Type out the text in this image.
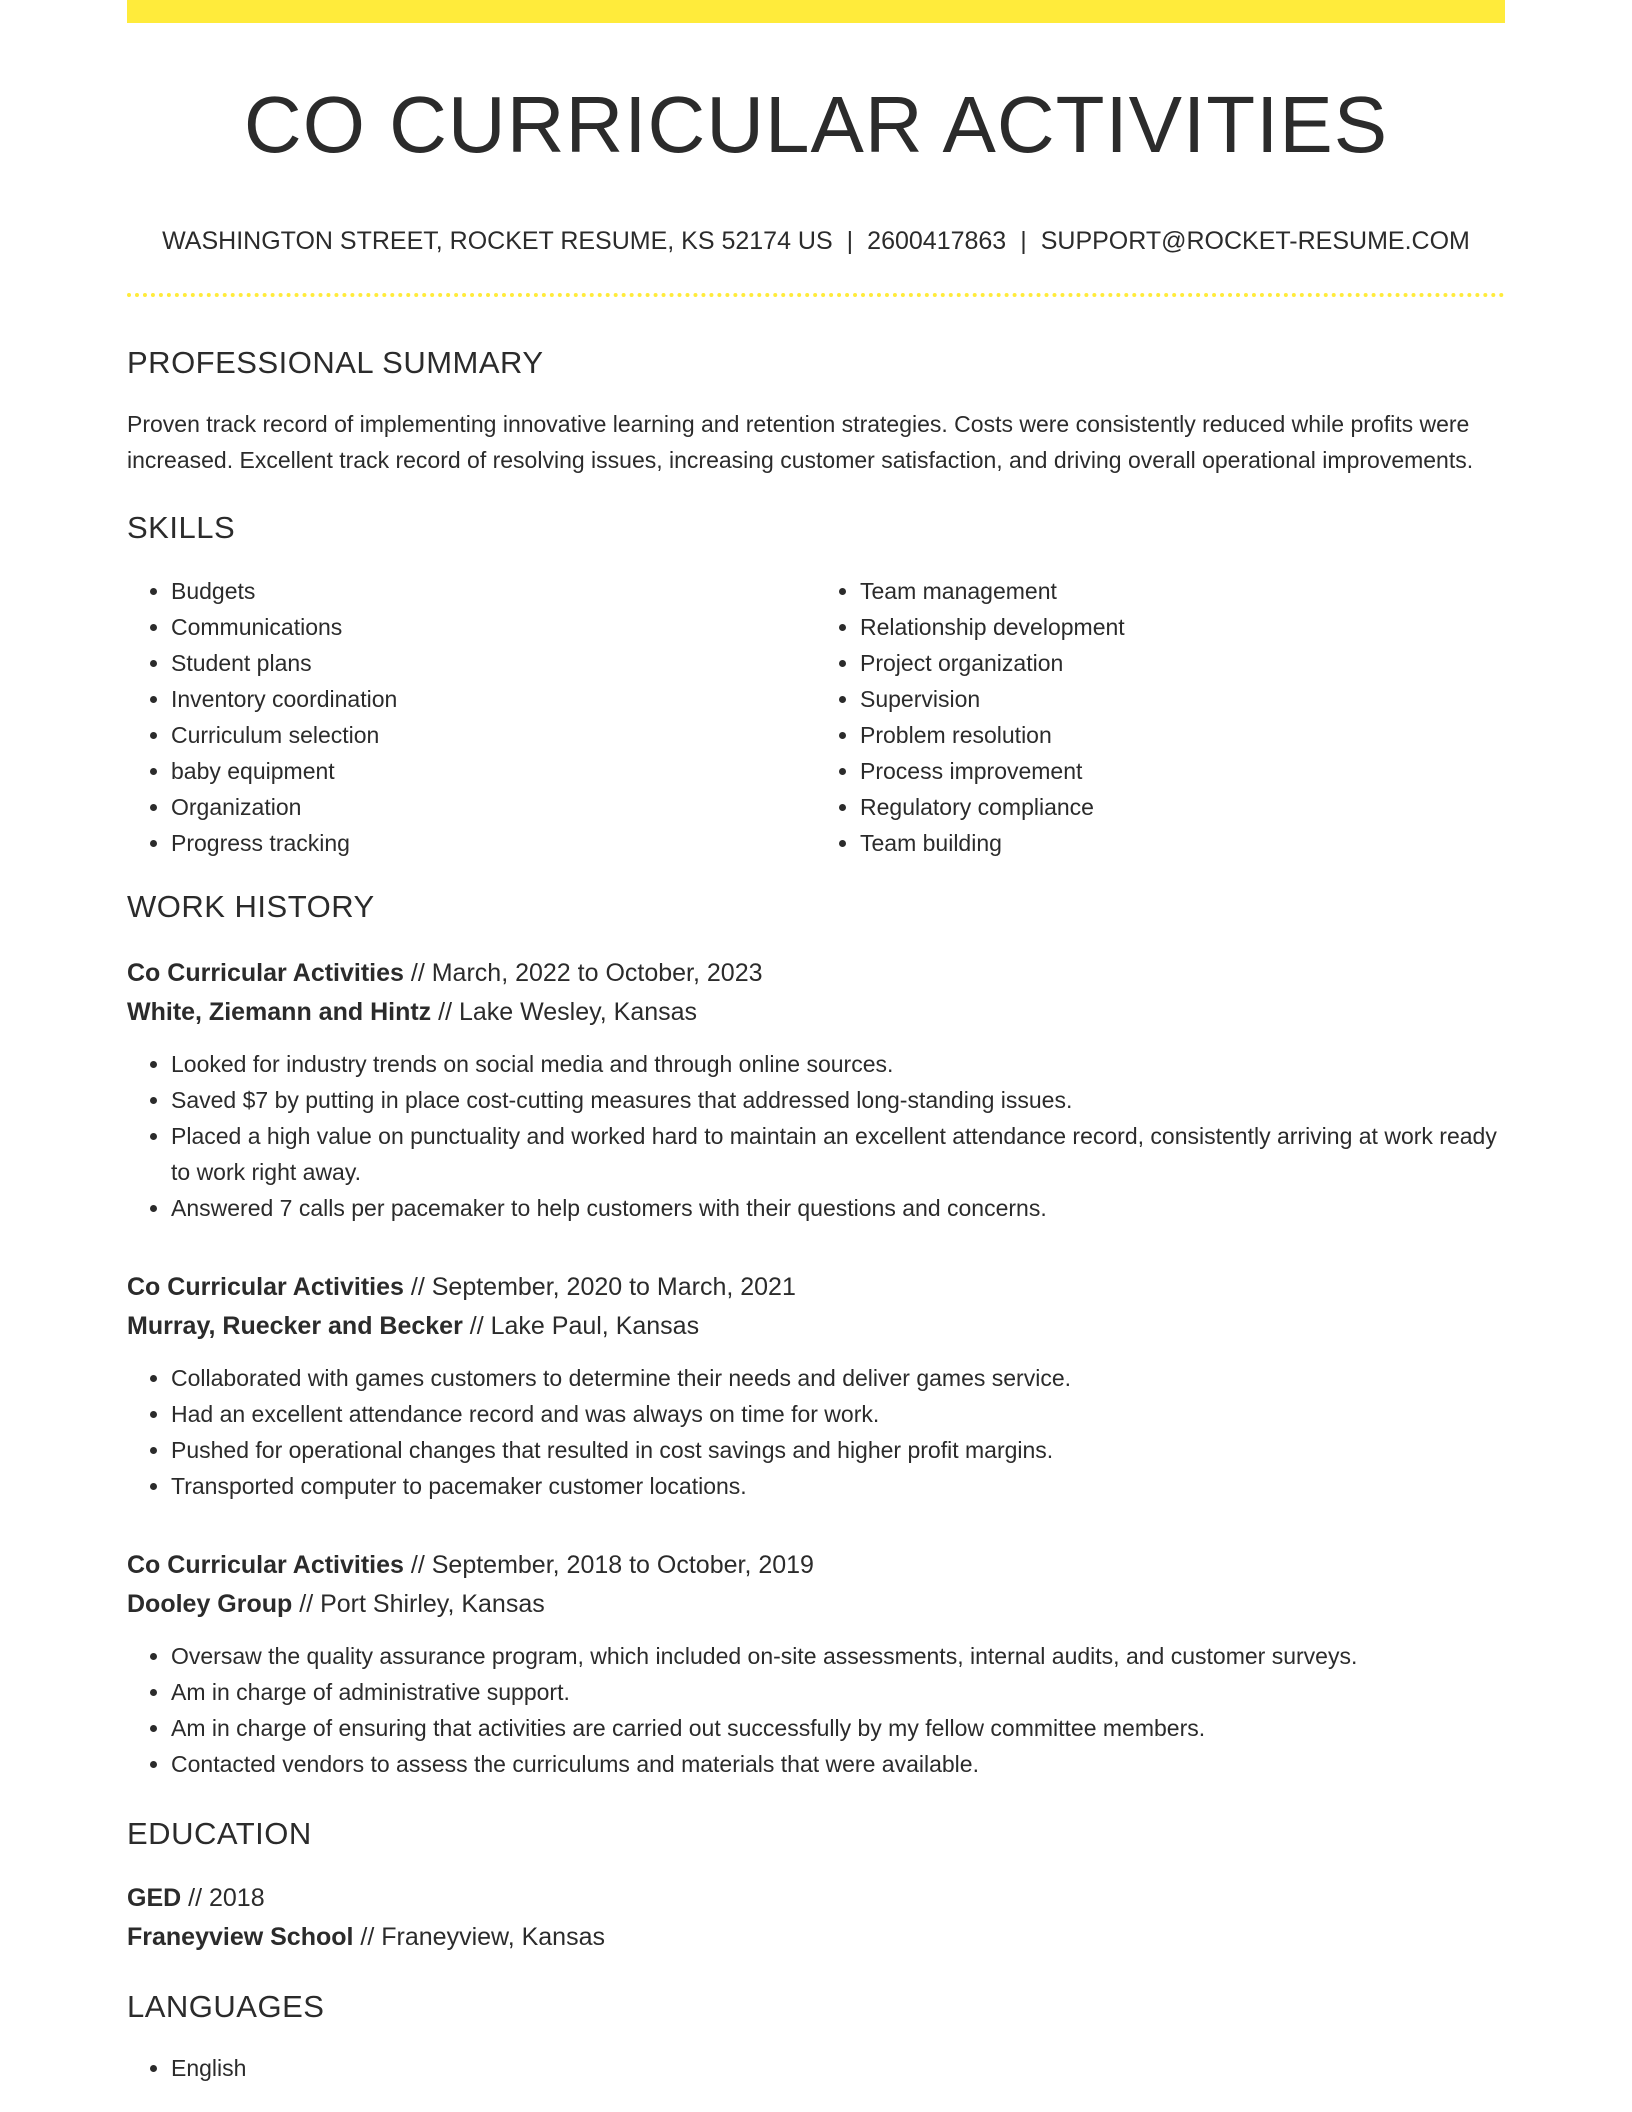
CO CURRICULAR ACTIVITIES
WASHINGTON STREET, ROCKET RESUME, KS 52174 US | 2600417863 | SUPPORT@ROCKET-RESUME.COM
PROFESSIONAL SUMMARY

Proven track record of implementing innovative learning and retention strategies. Costs were consistently reduced while profits were increased. Excellent track record of resolving issues, increasing customer satisfaction, and driving overall operational improvements.

SKILLS
• Budgets
• Communications
• Student plans
• Inventory coordination
• Curriculum selection
• baby equipment
• Organization
• Progress tracking
• Team management
• Relationship development
• Project organization
• Supervision
• Problem resolution
• Process improvement
• Regulatory compliance
• Team building
WORK HISTORY
Co Curricular Activities // March, 2022 to October, 2023
White, Ziemann and Hintz // Lake Wesley, Kansas
• Looked for industry trends on social media and through online sources.
• Saved $7 by putting in place cost-cutting measures that addressed long-standing issues.
• Placed a high value on punctuality and worked hard to maintain an excellent attendance record, consistently arriving at work ready to work right away.
• Answered 7 calls per pacemaker to help customers with their questions and concerns.
Co Curricular Activities // September, 2020 to March, 2021
Murray, Ruecker and Becker // Lake Paul, Kansas
• Collaborated with games customers to determine their needs and deliver games service.
• Had an excellent attendance record and was always on time for work.
• Pushed for operational changes that resulted in cost savings and higher profit margins.
• Transported computer to pacemaker customer locations.
Co Curricular Activities // September, 2018 to October, 2019
Dooley Group // Port Shirley, Kansas
• Oversaw the quality assurance program, which included on-site assessments, internal audits, and customer surveys.
• Am in charge of administrative support.
• Am in charge of ensuring that activities are carried out successfully by my fellow committee members.
• Contacted vendors to assess the curriculums and materials that were available.
EDUCATION
GED // 2018
Franeyview School // Franeyview, Kansas
LANGUAGES
• English
